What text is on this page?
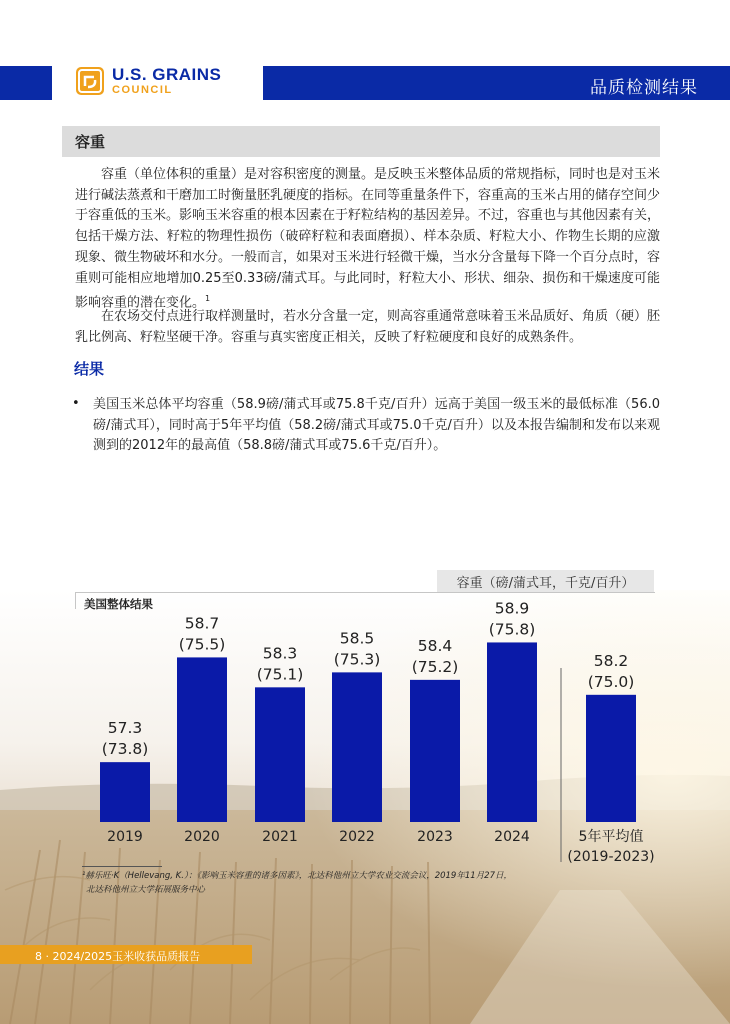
U.S. GRAINS
COUNCIL	品质检测结果
容重
容重（单位体积的重量）是对容积密度的测量。是反映玉米整体品质的常规指标，同时也是对玉米进行碱法蒸煮和干磨加工时衡量胚乳硬度的指标。在同等重量条件下，容重高的玉米占用的储存空间少于容重低的玉米。影响玉米容重的根本因素在于籽粒结构的基因差异。不过，容重也与其他因素有关，包括干燥方法、籽粒的物理性损伤（破碎籽粒和表面磨损）、样本杂质、籽粒大小、作物生长期的应激现象、微生物破坏和水分。一般而言，如果对玉米进行轻微干燥，当水分含量每下降一个百分点时，容重则可能相应地增加0.25至0.33磅/蒲式耳。与此同时，籽粒大小、形状、细杂、损伤和干燥速度可能影响容重的潜在变化。$^1$
在农场交付点进行取样测量时，若水分含量一定，则高容重通常意味着玉米品质好、角质（硬）胚乳比例高、籽粒坚硬干净。容重与真实密度正相关，反映了籽粒硬度和良好的成熟条件。
结果
• 美国玉米总体平均容重（58.9磅/蒲式耳或75.8千克/百升）远高于美国一级玉米的最低标准（56.0磅/蒲式耳），同时高于5年平均值（58.2磅/蒲式耳或75.0千克/百升）以及本报告编制和发布以来观测到的2012年的最高值（58.8磅/蒲式耳或75.6千克/百升）。
容重（磅/蒲式耳，千克/百升）
美国整体结果
57.3
(73.8)
2019
58.7
(75.5)
2020
58.3
(75.1)
2021
58.5
(75.3)
2022
58.4
(75.2)
2023
58.9
(75.8)
2024
58.2
(75.0)
5年平均值
(2019-2023)
¹赫乐旺·K（Hellevang, K.）：《影响玉米容重的诸多因素》，北达科他州立大学农业交流会议，2019年11月27日，
北达科他州立大学拓展服务中心
8 · 2024/2025玉米收获品质报告
